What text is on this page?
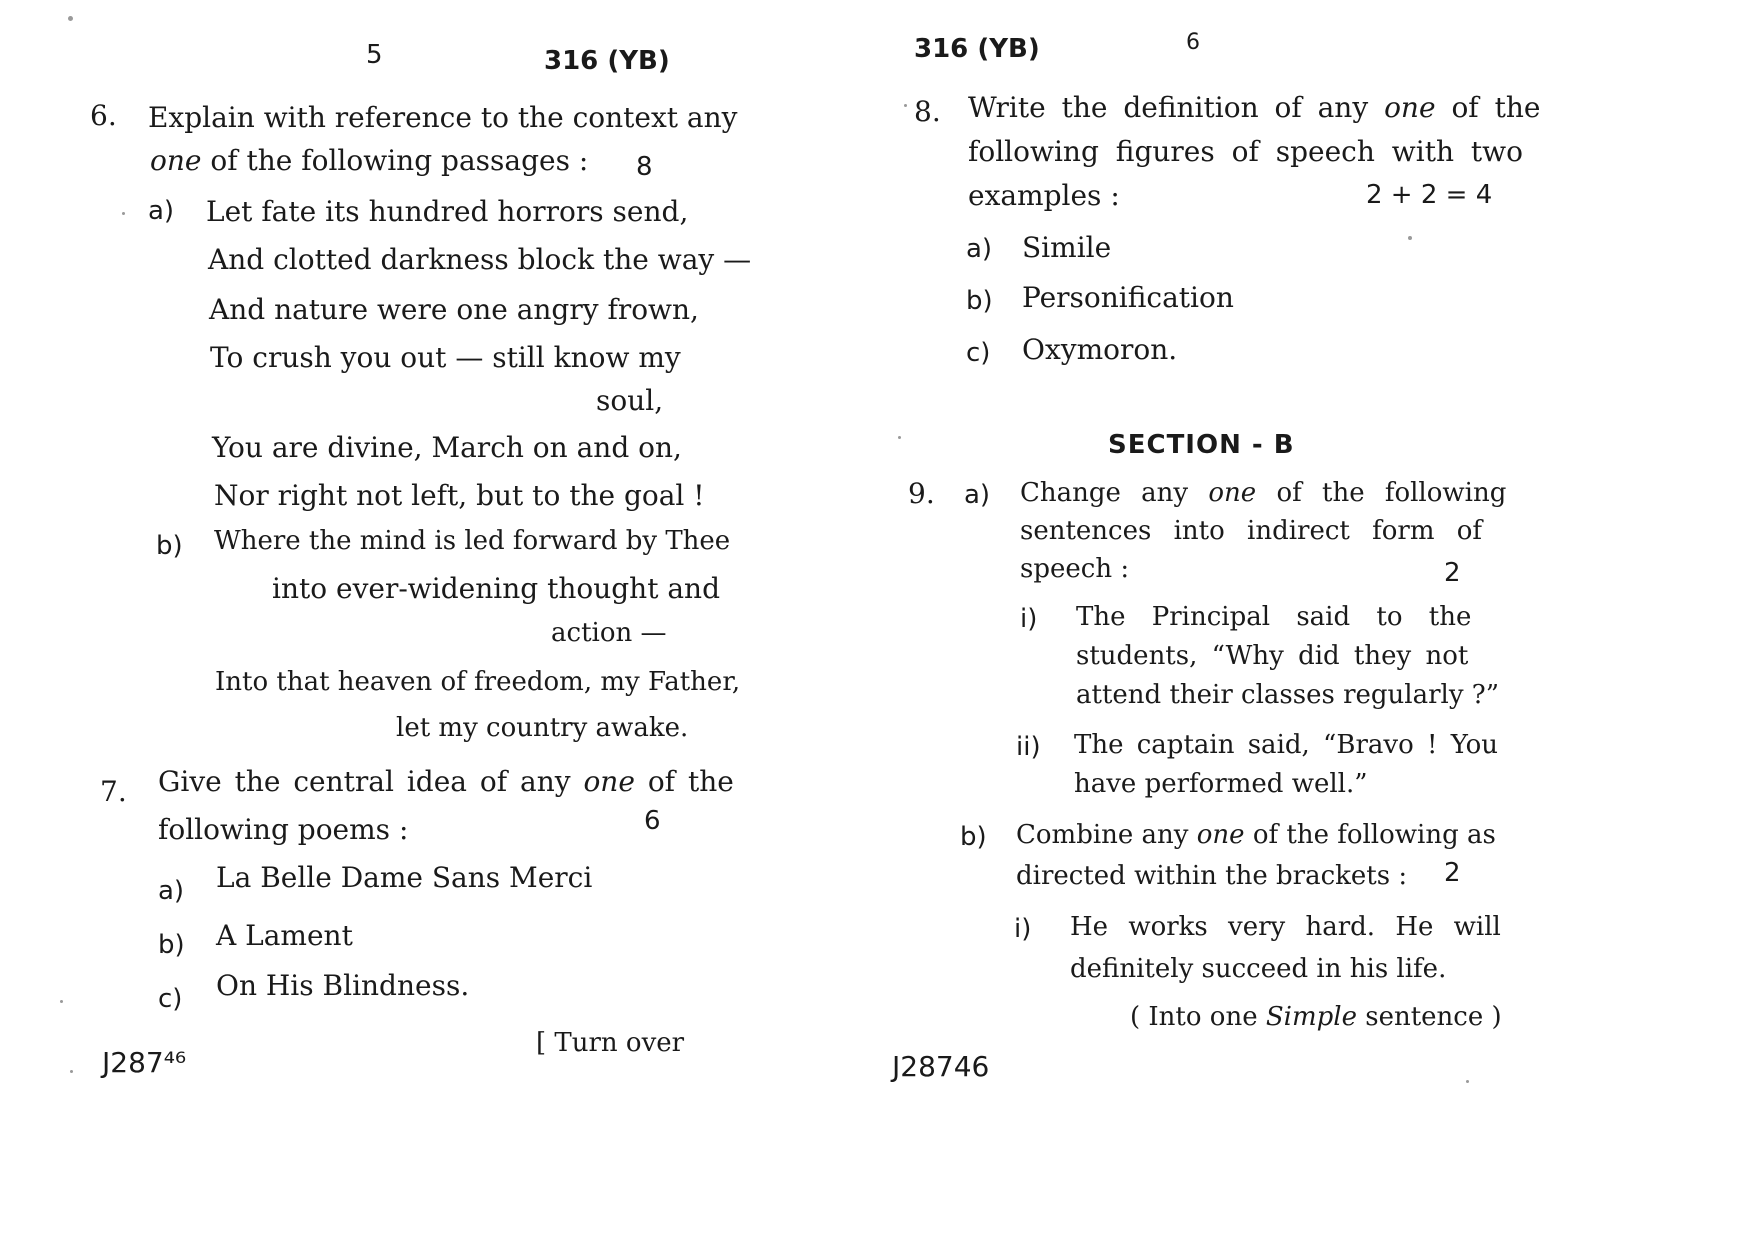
5	316 (YB)
6. Explain with reference to the context any
one of the following passages : 8
a) Let fate its hundred horrors send,
And clotted darkness block the way —
And nature were one angry frown,
To crush you out — still know my
soul,
You are divine, March on and on,
Nor right not left, but to the goal !
b) Where the mind is led forward by Thee
into ever-widening thought and
action —
Into that heaven of freedom, my Father,
let my country awake.
7. Give the central idea of any one of the
following poems :	6
a) La Belle Dame Sans Merci
b) A Lament
c) On His Blindness.
J287⁴⁶
[ Turn over
316 (YB)	6
8. Write the definition of any one of the
following figures of speech with two
examples :	2 + 2 = 4
a) Simile
b) Personification
c) Oxymoron.
SECTION - B
9. a) Change any one of the following
sentences into indirect form of
speech :	2
i) The Principal said to the
students, “Why did they not
attend their classes regularly ?”
ii) The captain said, “Bravo ! You
have performed well.”
b) Combine any one of the following as
directed within the brackets : 2
i) He works very hard. He will
definitely succeed in his life.
( Into one Simple sentence )
J28746
